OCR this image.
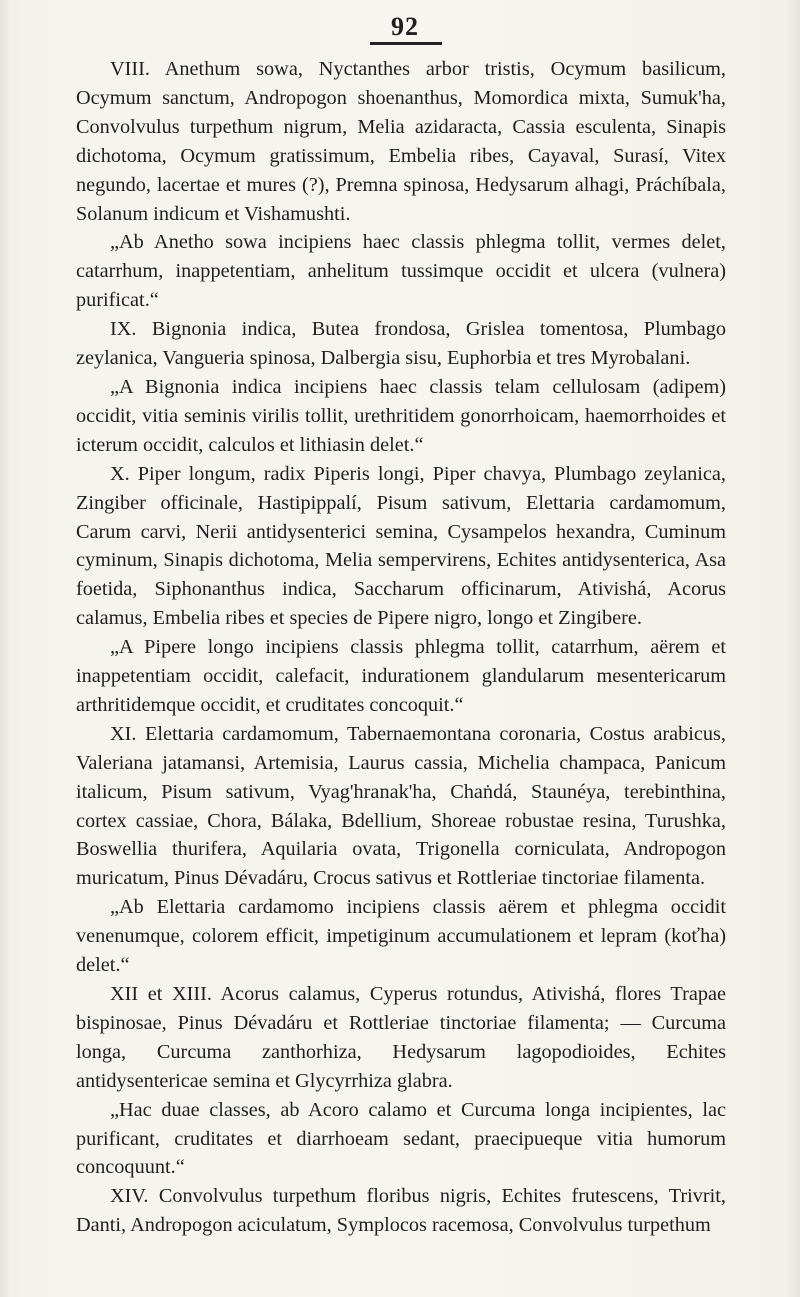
92

VIII. Anethum sowa, Nyctanthes arbor tristis, Ocymum basilicum, Ocymum sanctum, Andropogon shoenanthus, Momordica mixta, Sumuk'ha, Convolvulus turpethum nigrum, Melia azidaracta, Cassia esculenta, Sinapis dichotoma, Ocymum gratissimum, Embelia ribes, Cayaval, Surasí, Vitex negundo, lacertae et mures (?), Premna spinosa, Hedysarum alhagi, Práchíbala, Solanum indicum et Vishamushti.

„Ab Anetho sowa incipiens haec classis phlegma tollit, vermes delet, catarrhum, inappetentiam, anhelitum tussimque occidit et ulcera (vulnera) purificat.“

IX. Bignonia indica, Butea frondosa, Grislea tomentosa, Plumbago zeylanica, Vangueria spinosa, Dalbergia sisu, Euphorbia et tres Myrobalani.

„A Bignonia indica incipiens haec classis telam cellulosam (adipem) occidit, vitia seminis virilis tollit, urethritidem gonorrhoicam, haemorrhoides et icterum occidit, calculos et lithiasin delet.“

X. Piper longum, radix Piperis longi, Piper chavya, Plumbago zeylanica, Zingiber officinale, Hastipippalí, Pisum sativum, Elettaria cardamomum, Carum carvi, Nerii antidysenterici semina, Cysampelos hexandra, Cuminum cyminum, Sinapis dichotoma, Melia sempervirens, Echites antidysenterica, Asa foetida, Siphonanthus indica, Saccharum officinarum, Ativishá, Acorus calamus, Embelia ribes et species de Pipere nigro, longo et Zingibere.

„A Pipere longo incipiens classis phlegma tollit, catarrhum, aërem et inappetentiam occidit, calefacit, indurationem glandularum mesentericarum arthritidemque occidit, et cruditates concoquit.“

XI. Elettaria cardamomum, Tabernaemontana coronaria, Costus arabicus, Valeriana jatamansi, Artemisia, Laurus cassia, Michelia champaca, Panicum italicum, Pisum sativum, Vyag'hranak'ha, Chaṅdá, Staunéya, terebinthina, cortex cassiae, Chora, Bálaka, Bdellium, Shoreae robustae resina, Turushka, Boswellia thurifera, Aquilaria ovata, Trigonella corniculata, Andropogon muricatum, Pinus Dévadáru, Crocus sativus et Rottleriae tinctoriae filamenta.

„Ab Elettaria cardamomo incipiens classis aërem et phlegma occidit venenumque, colorem efficit, impetiginum accumulationem et lepram (koťha) delet.“

XII et XIII. Acorus calamus, Cyperus rotundus, Ativishá, flores Trapae bispinosae, Pinus Dévadáru et Rottleriae tinctoriae filamenta; — Curcuma longa, Curcuma zanthorhiza, Hedysarum lagopodioides, Echites antidysentericae semina et Glycyrrhiza glabra.

„Hac duae classes, ab Acoro calamo et Curcuma longa incipientes, lac purificant, cruditates et diarrhoeam sedant, praecipueque vitia humorum concoquunt.“

XIV. Convolvulus turpethum floribus nigris, Echites frutescens, Trivrit, Danti, Andropogon aciculatum, Symplocos racemosa, Convolvulus turpethum
